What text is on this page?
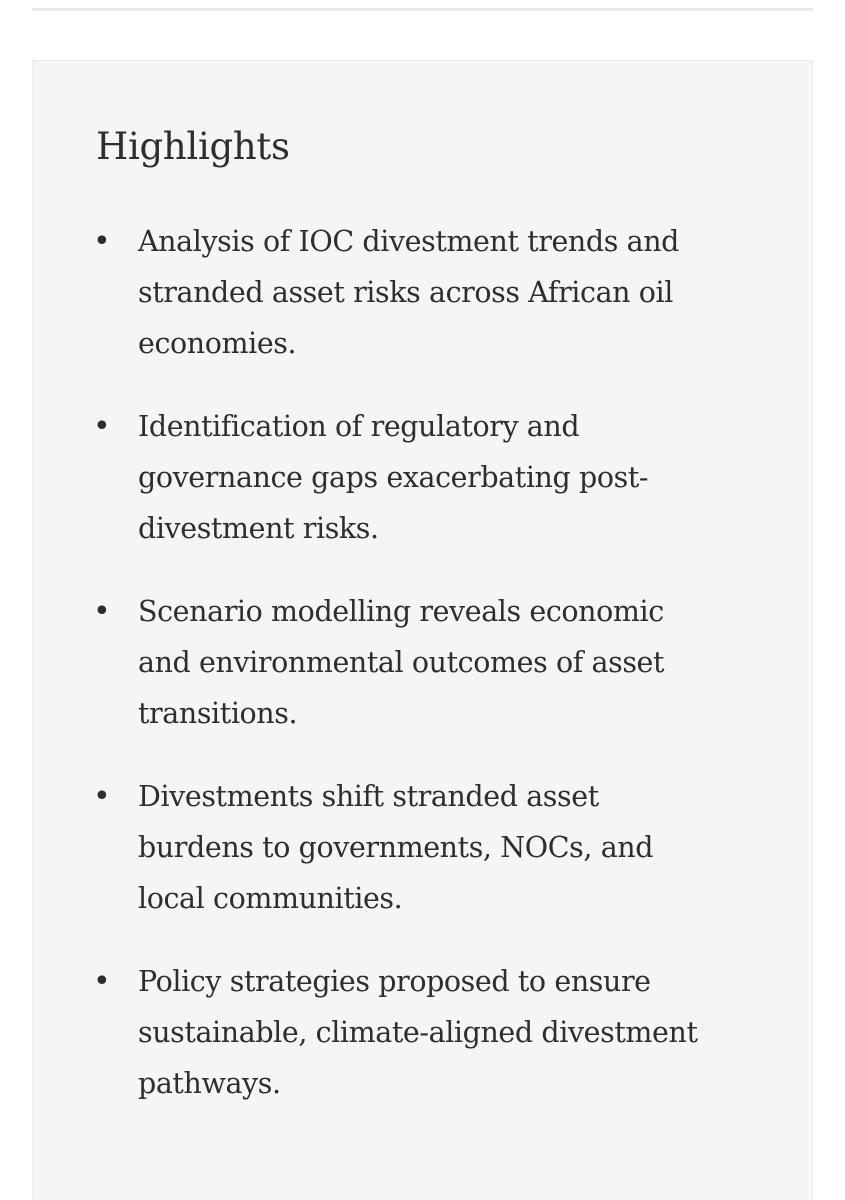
Highlights
• Analysis of IOC divestment trends and stranded asset risks across African oil economies.
• Identification of regulatory and governance gaps exacerbating post-divestment risks.
• Scenario modelling reveals economic and environmental outcomes of asset transitions.
• Divestments shift stranded asset burdens to governments, NOCs, and local communities.
• Policy strategies proposed to ensure sustainable, climate-aligned divestment pathways.
